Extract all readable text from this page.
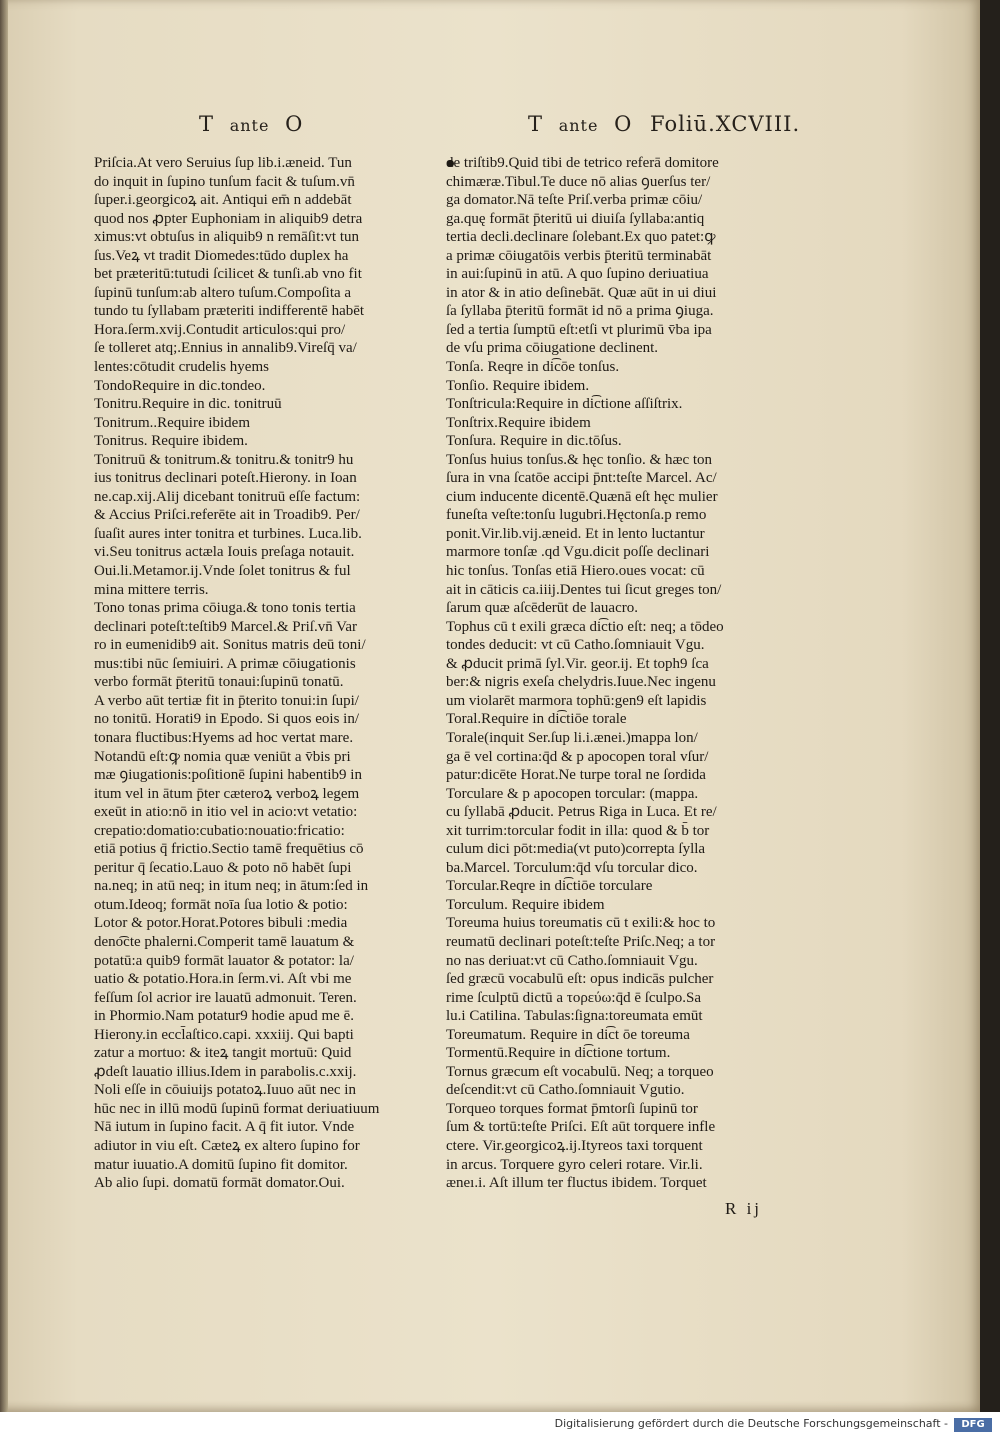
T ante O	T ante O Foliū.XCVIII.
Priſcia.At vero Seruius ſup lib.i.æneid. Tun
do inquit in ſupino tunſum facit & tuſum.vn̄
ſuper.i.georgicoꝝ ait. Antiqui em̄ n addebāt
quod nos ꝓpter Euphoniam in aliquib9 detra
ximus:vt obtuſus in aliquib9 n remāſit:vt tun
ſus.Veꝝ vt tradit Diomedes:tūdo duplex ha
bet præteritū:tutudi ſcilicet & tunſi.ab vno fit
ſupinū tunſum:ab altero tuſum.Compoſita a
tundo tu ſyllabam præteriti indifferentē habēt
Hora.ſerm.xvij.Contudit articulos:qui pro/
ſe tolleret atq;.Ennius in annalib9.Vireſq̄ va/
lentes:cōtudit crudelis hyems
TondoRequire in dic.tondeo.
Tonitru.Require in dic. tonitruū
Tonitrum..Require ibidem
Tonitrus. Require ibidem.
Tonitruū & tonitrum.& tonitru.& tonitr9 hu
ius tonitrus declinari poteſt.Hierony. in Ioan
ne.cap.xij.Alij dicebant tonitruū eſſe factum:
& Accius Priſci.referēte ait in Troadib9. Per/
ſuaſit aures inter tonitra et turbines. Luca.lib.
vi.Seu tonitrus actæla Iouis preſaga notauit.
Oui.li.Metamor.ij.Vnde ſolet tonitrus & ful
mina mittere terris.
Tono tonas prima cōiuga.& tono tonis tertia
declinari poteſt:teſtib9 Marcel.& Priſ.vn̄ Var
ro in eumenidib9 ait. Sonitus matris deū toni/
mus:tibi nūc ſemiuiri. A primæ cōiugationis
verbo formāt p̄teritū tonaui:ſupinū tonatū.
A verbo aūt tertiæ fit in p̄terito tonui:in ſupi/
no tonitū. Horati9 in Epodo. Si quos eois in/
tonara fluctibus:Hyems ad hoc vertat mare.
Notandū eſt:ꝙ nomia quæ veniūt a v̄bis pri
mæ ꝯiugationis:poſitionē ſupini habentib9 in
itum vel in ātum p̄ter cæteroꝝ verboꝝ legem
exeūt in atio:nō in itio vel in acio:vt vetatio:
crepatio:domatio:cubatio:nouatio:fricatio:
etiā potius q̄ frictio.Sectio tamē frequētius cō
peritur q̄ ſecatio.Lauo & poto nō habēt ſupi
na.neq; in atū neq; in itum neq; in ātum:ſed in
otum.Ideoq; formāt noīa ſua lotio & potio:
Lotor & potor.Horat.Potores bibuli :media
deno͡cte phalerni.Comperit tamē lauatum &
potatū:a quib9 formāt lauator & potator: la/
uatio & potatio.Hora.in ſerm.vi. Aſt vbi me
feſſum ſol acrior ire lauatū admonuit. Teren.
in Phormio.Nam potatur9 hodie apud me ē.
Hierony.in eccl̄aſtico.capi. xxxiij. Qui bapti
zatur a mortuo: & iteꝝ tangit mortuū: Quid
ꝓdeſt lauatio illius.Idem in parabolis.c.xxij.
Noli eſſe in cōuiuijs potatoꝝ.Iuuo aūt nec in
hūc nec in illū modū ſupinū format deriuatiuum
Nā iutum in ſupino facit. A q̄ fit iutor. Vnde
adiutor in viu eſt. Cæteꝝ ex altero ſupino for
matur iuuatio.A domitū ſupino fit domitor.
Ab alio ſupi. domatū formāt domator.Oui.
de triſtib9.Quid tibi de tetrico referā domitore
chimæræ.Tibul.Te duce nō alias ꝯuerſus ter/
ga domator.Nā teſte Priſ.verba primæ cōiu/
ga.quę formāt p̄teritū ui diuiſa ſyllaba:antiq
tertia decli.declinare ſolebant.Ex quo patet:ꝙ
a primæ cōiugatōis verbis p̄teritū terminabāt
in aui:ſupinū in atū. A quo ſupino deriuatiua
in ator & in atio deſinebāt. Quæ aūt in ui diui
ſa ſyllaba p̄teritū formāt id nō a prima ꝯiuga.
ſed a tertia ſumptū eſt:etſi vt plurimū v̄ba ipa
de vſu prima cōiugatione declinent.
Tonſa. Reqre in di͡cōe tonſus.
Tonſio. Require ibidem.
Tonſtricula:Require in di͡ctione aſſiſtrix.
Tonſtrix.Require ibidem
Tonſura. Require in dic.tōſus.
Tonſus huius tonſus.& hęc tonſio. & hæc ton
ſura in vna ſcatōe accipi p̄nt:teſte Marcel. Ac/
cium inducente dicentē.Quænā eſt hęc mulier
funeſta veſte:tonſu lugubri.Hęctonſa.p remo
ponit.Vir.lib.vij.æneid. Et in lento luctantur
marmore tonſæ .qd Vgu.dicit poſſe declinari
hic tonſus. Tonſas etiā Hiero.oues vocat: cū
ait in cāticis ca.iiij.Dentes tui ſicut greges ton/
ſarum quæ aſcēderūt de lauacro.
Tophus cū t exili græca di͡ctio eſt: neq; a tōdeo
tondes deducit: vt cū Catho.ſomniauit Vgu.
& ꝓducit primā ſyl.Vir. geor.ij. Et toph9 ſca
ber:& nigris exeſa chelydris.Iuue.Nec ingenu
um violarēt marmora tophū:gen9 eſt lapidis
Toral.Require in di͡ctiōe torale
Torale(inquit Ser.ſup li.i.ænei.)mappa lon/
ga ē vel cortina:q̄d & p apocopen toral vſur/
patur:dicēte Horat.Ne turpe toral ne ſordida
Torculare & p apocopen torcular: (mappa.
cu ſyllabā ꝓducit. Petrus Riga in Luca. Et re/
xit turrim:torcular fodit in illa: quod & b̄ tor
culum dici pōt:media(vt puto)correpta ſylla
ba.Marcel. Torculum:q̄d vſu torcular dico.
Torcular.Reqre in di͡ctiōe torculare
Torculum. Require ibidem
Toreuma huius toreumatis cū t exili:& hoc to
reumatū declinari poteſt:teſte Priſc.Neq; a tor
no nas deriuat:vt cū Catho.ſomniauit Vgu.
ſed græcū vocabulū eſt: opus indicās pulcher
rime ſculptū dictū a τορεύω:q̄d ē ſculpo.Sa
lu.i Catilina. Tabulas:ſigna:toreumata emūt
Toreumatum. Require in di͡ct ōe toreuma
Tormentū.Require in di͡ctione tortum.
Tornus græcum eſt vocabulū. Neq; a torqueo
deſcendit:vt cū Catho.ſomniauit Vgutio.
Torqueo torques format p̄mtorſi ſupinū tor
ſum & tortū:teſte Priſci. Eſt aūt torquere infle
ctere. Vir.georgicoꝝ.ij.Ityreos taxi torquent
in arcus. Torquere gyro celeri rotare. Vir.li.
æneı.i. Aſt illum ter fluctus ibidem. Torquet
R ij
Digitalisierung gefördert durch die Deutsche Forschungsgemeinschaft -	DFG
